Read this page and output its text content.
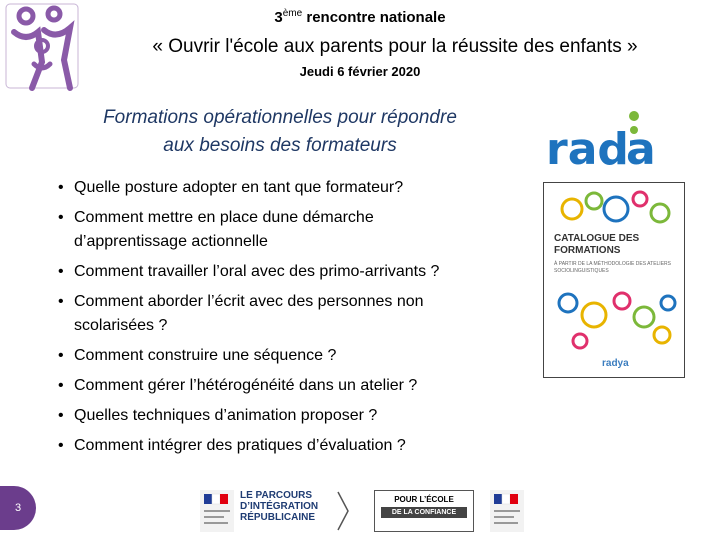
3ème rencontre nationale
« Ouvrir l'école aux parents pour la réussite des enfants »
Jeudi 6 février 2020
Formations opérationnelles pour répondre
aux besoins des formateurs
• Quelle posture adopter en tant que formateur?
• Comment mettre en place dune démarche
d’apprentissage actionnelle
• Comment travailler l’oral avec des primo-arrivants ?
• Comment aborder l’écrit avec des personnes non
scolarisées ?
• Comment construire une séquence ?
• Comment gérer l’hétérogénéité dans un atelier ?
• Quelles techniques d’animation proposer ?
• Comment intégrer des pratiques d’évaluation ?
rad
a
CATALOGUE DES FORMATIONS
À PARTIR DE LA MÉTHODOLOGIE DES ATELIERS SOCIOLINGUISTIQUES
radya
3
LE PARCOURS
D’INTÉGRATION
RÉPUBLICAINE
POUR L’ÉCOLE
DE LA CONFIANCE
